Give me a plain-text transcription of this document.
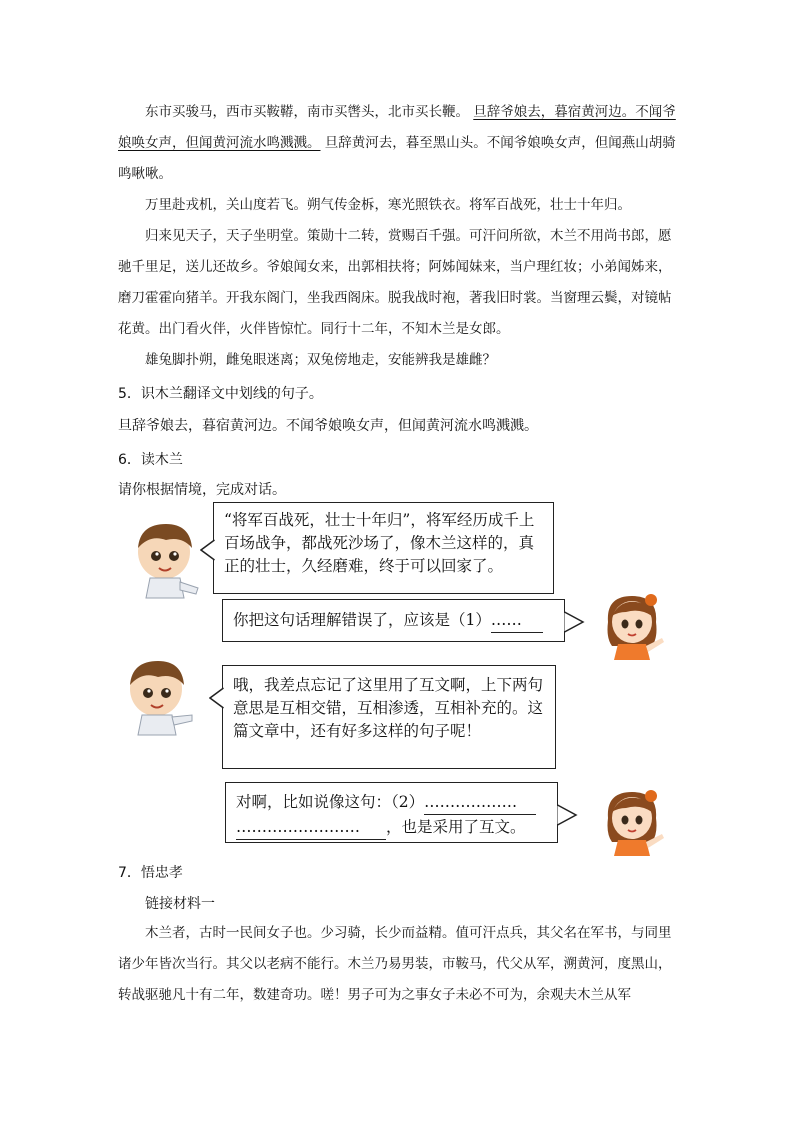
东市买骏马，西市买鞍鞯，南市买辔头，北市买长鞭。 旦辞爷娘去，暮宿黄河边。不闻爷娘唤女声，但闻黄河流水鸣溅溅。 旦辞黄河去，暮至黑山头。不闻爷娘唤女声，但闻燕山胡骑鸣啾啾。

万里赴戎机，关山度若飞。朔气传金柝，寒光照铁衣。将军百战死，壮士十年归。

归来见天子，天子坐明堂。策勋十二转，赏赐百千强。可汗问所欲，木兰不用尚书郎，愿驰千里足，送儿还故乡。爷娘闻女来，出郭相扶将；阿姊闻妹来，当户理红妆；小弟闻姊来，磨刀霍霍向猪羊。开我东阁门，坐我西阁床。脱我战时袍，著我旧时裳。当窗理云鬓，对镜帖花黄。出门看火伴，火伴皆惊忙。同行十二年，不知木兰是女郎。

雄兔脚扑朔，雌兔眼迷离；双兔傍地走，安能辨我是雄雌？

5．识木兰翻译文中划线的句子。
旦辞爷娘去，暮宿黄河边。不闻爷娘唤女声，但闻黄河流水鸣溅溅。
6．读木兰
请你根据情境，完成对话。
“将军百战死，壮士十年归”，将军经历成千上百场战争，都战死沙场了，像木兰这样的，真正的壮士，久经磨难，终于可以回家了。
你把这句话理解错误了，应该是（1）……
哦，我差点忘记了这里用了互文啊，上下两句意思是互相交错，互相渗透，互相补充的。这篇文章中，还有好多这样的句子呢！
对啊，比如说像这句：（2）………………
…………………… ，也是采用了互文。
7．悟忠孝
链接材料一

木兰者，古时一民间女子也。少习骑，长少而益精。值可汗点兵，其父名在军书，与同里诸少年皆次当行。其父以老病不能行。木兰乃易男装，市鞍马，代父从军，溯黄河，度黑山，转战驱驰凡十有二年，数建奇功。嗟！男子可为之事女子未必不可为，余观夫木兰从军
